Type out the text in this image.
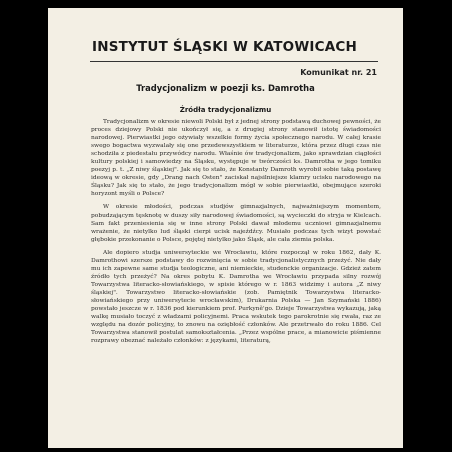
INSTYTUT ŚLĄSKI W KATOWICACH
Komunikat nr. 21
Tradycjonalizm w poezji ks. Damrotha
Źródła tradycjonalizmu

Tradycjonalizm w okresie niewoli Polski był z jednej strony podstawą duchowej pewności, że proces dziejowy Polski nie ukończył się, a z drugiej strony stanowił istotę świadomości narodowej. Pierwiastki jego ożywiały wszelkie formy życia społecznego narodu. W całej krasie swego bogactwa wyzwalały się one przedewszystkiem w literaturze, która przez długi czas nie schodziła z piedestału przywódcy narodu. Właśnie ów tradycjonalizm, jako sprawdzian ciągłości kultury polskiej i samowiedzy na Śląsku, występuje w twórczości ks. Damrotha w jego tomiku poezyj p. t. „Z niwy śląskiej". Jak się to stało, że Konstanty Damroth wyrobił sobie taką postawę ideową w okresie, gdy „Drang nach Osten" zaciskał najsilniejsze klamry ucisku narodowego na Śląsku? Jak się to stało, że jego tradycjonalizm mógł w sobie pierwiastki, obejmujące szeroki horyzont myśli o Polsce?

W okresie młodości, podczas studjów gimnazjalnych, najważniejszym momentem, pobudzającym tęsknotę w duszy siły narodowej świadomości, są wycieczki do stryja w Kielcach. Sam fakt przeniesienia się w inne strony Polski dawał młodemu uczniowi gimnazjalnemu wrażenie, że nietylko lud śląski cierpi ucisk najeźdźcy. Musiało podczas tych wizyt powstać głębokie przekonanie o Polsce, pojętej nietylko jako Śląsk, ale cała ziemia polska.

Ale dopiero studja uniwersyteckie we Wrocławiu, które rozpoczął w roku 1862, dały K. Damrothowi szersze podstawy do rozwinięcia w sobie tradycjonalistycznych przeżyć. Nie dały mu ich zapewne same studja teologiczne, ani niemieckie, studenckie organizacje. Gdzież zatem źródło tych przeżyć? Na okres pobytu K. Damrotha we Wrocławiu przypada silny rozwój Towarzystwa literacko-słowiańskiego, w spisie którego w r. 1863 widzimy i autora „Z niwy śląskiej". Towarzystwo literacko-słowiańskie (zob. Pamiętnik Towarzystwa literacko-słowiańskiego przy uniwersytecie wrocławskim), Drukarnia Polska — Jan Szymański 1886) powstało jeszcze w r. 1836 pod kierunkiem prof. Purkyně'go. Dzieje Towarzystwa wykazują, jaką walkę musiało toczyć z władzami policyjnemi. Praca wskutek tego parokrotnie się rwała, raz ze względu na dozór policyjny, to znowu na oziębłość członków. Ale przetrwało do roku 1886. Cel Towarzystwa stanowił postulat samokształcenia. „Przez wspólne prace, a mianowicie piśmienne rozprawy obeznać należało członków: z językami, literaturą,
